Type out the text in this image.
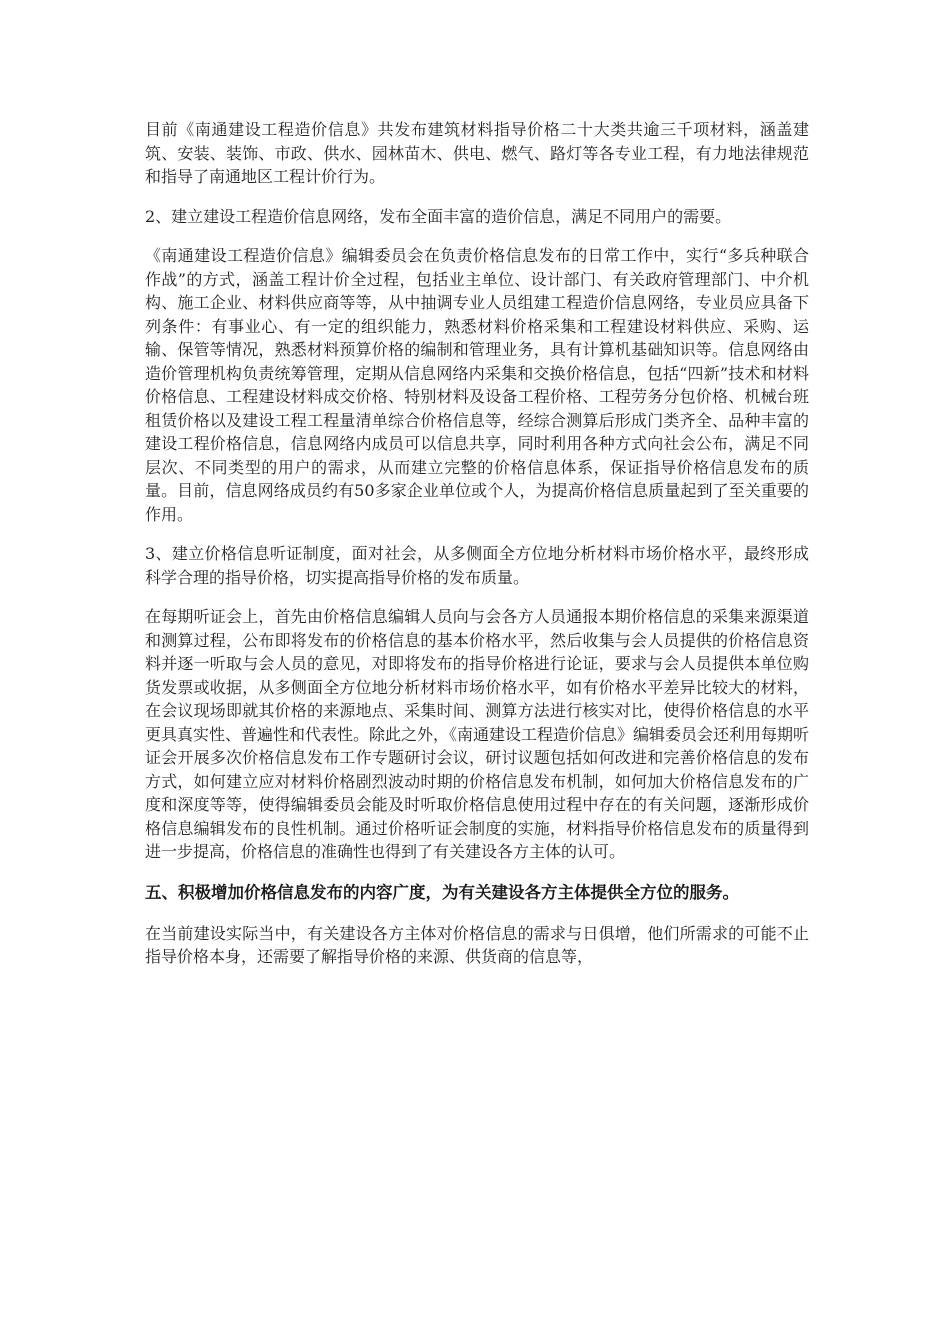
目前《南通建设工程造价信息》共发布建筑材料指导价格二十大类共逾三千项材料，涵盖建筑、安装、装饰、市政、供水、园林苗木、供电、燃气、路灯等各专业工程，有力地法律规范和指导了南通地区工程计价行为。

2、建立建设工程造价信息网络，发布全面丰富的造价信息，满足不同用户的需要。

《南通建设工程造价信息》编辑委员会在负责价格信息发布的日常工作中，实行“多兵种联合作战”的方式，涵盖工程计价全过程，包括业主单位、设计部门、有关政府管理部门、中介机构、施工企业、材料供应商等等，从中抽调专业人员组建工程造价信息网络，专业员应具备下列条件：有事业心、有一定的组织能力，熟悉材料价格采集和工程建设材料供应、采购、运输、保管等情况，熟悉材料预算价格的编制和管理业务，具有计算机基础知识等。信息网络由造价管理机构负责统筹管理，定期从信息网络内采集和交换价格信息，包括“四新”技术和材料价格信息、工程建设材料成交价格、特别材料及设备工程价格、工程劳务分包价格、机械台班租赁价格以及建设工程工程量清单综合价格信息等，经综合测算后形成门类齐全、品种丰富的建设工程价格信息，信息网络内成员可以信息共享，同时利用各种方式向社会公布，满足不同层次、不同类型的用户的需求，从而建立完整的价格信息体系，保证指导价格信息发布的质量。目前，信息网络成员约有50多家企业单位或个人，为提高价格信息质量起到了至关重要的作用。

3、建立价格信息听证制度，面对社会，从多侧面全方位地分析材料市场价格水平，最终形成科学合理的指导价格，切实提高指导价格的发布质量。

在每期听证会上，首先由价格信息编辑人员向与会各方人员通报本期价格信息的采集来源渠道和测算过程，公布即将发布的价格信息的基本价格水平，然后收集与会人员提供的价格信息资料并逐一听取与会人员的意见，对即将发布的指导价格进行论证，要求与会人员提供本单位购货发票或收据，从多侧面全方位地分析材料市场价格水平，如有价格水平差异比较大的材料，在会议现场即就其价格的来源地点、采集时间、测算方法进行核实对比，使得价格信息的水平更具真实性、普遍性和代表性。除此之外，《南通建设工程造价信息》编辑委员会还利用每期听证会开展多次价格信息发布工作专题研讨会议，研讨议题包括如何改进和完善价格信息的发布方式，如何建立应对材料价格剧烈波动时期的价格信息发布机制，如何加大价格信息发布的广度和深度等等，使得编辑委员会能及时听取价格信息使用过程中存在的有关问题，逐渐形成价格信息编辑发布的良性机制。通过价格听证会制度的实施，材料指导价格信息发布的质量得到进一步提高，价格信息的准确性也得到了有关建设各方主体的认可。

五、积极增加价格信息发布的内容广度，为有关建设各方主体提供全方位的服务。

在当前建设实际当中，有关建设各方主体对价格信息的需求与日俱增，他们所需求的可能不止指导价格本身，还需要了解指导价格的来源、供货商的信息等，
